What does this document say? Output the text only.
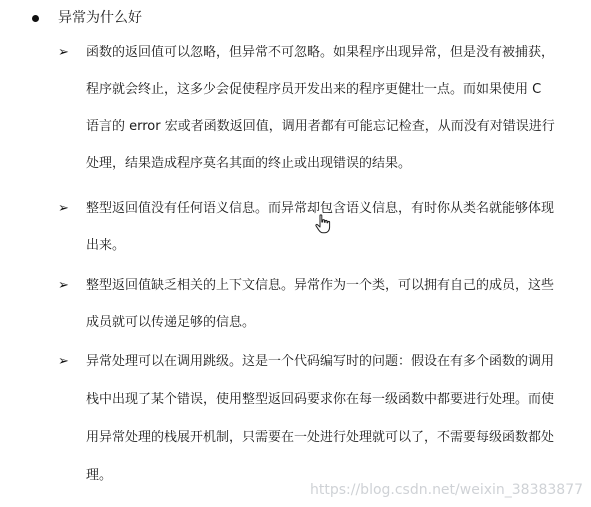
异常为什么好
➢ 函数的返回值可以忽略，但异常不可忽略。如果程序出现异常，但是没有被捕获，
程序就会终止，这多少会促使程序员开发出来的程序更健壮一点。而如果使用 C
语言的 error 宏或者函数返回值，调用者都有可能忘记检查，从而没有对错误进行
处理，结果造成程序莫名其面的终止或出现错误的结果。
➢ 整型返回值没有任何语义信息。而异常却包含语义信息，有时你从类名就能够体现
出来。
➢ 整型返回值缺乏相关的上下文信息。异常作为一个类，可以拥有自己的成员，这些
成员就可以传递足够的信息。
➢ 异常处理可以在调用跳级。这是一个代码编写时的问题：假设在有多个函数的调用
栈中出现了某个错误，使用整型返回码要求你在每一级函数中都要进行处理。而使
用异常处理的栈展开机制，只需要在一处进行处理就可以了，不需要每级函数都处
理。
https://blog.csdn.net/weixin_38383877
